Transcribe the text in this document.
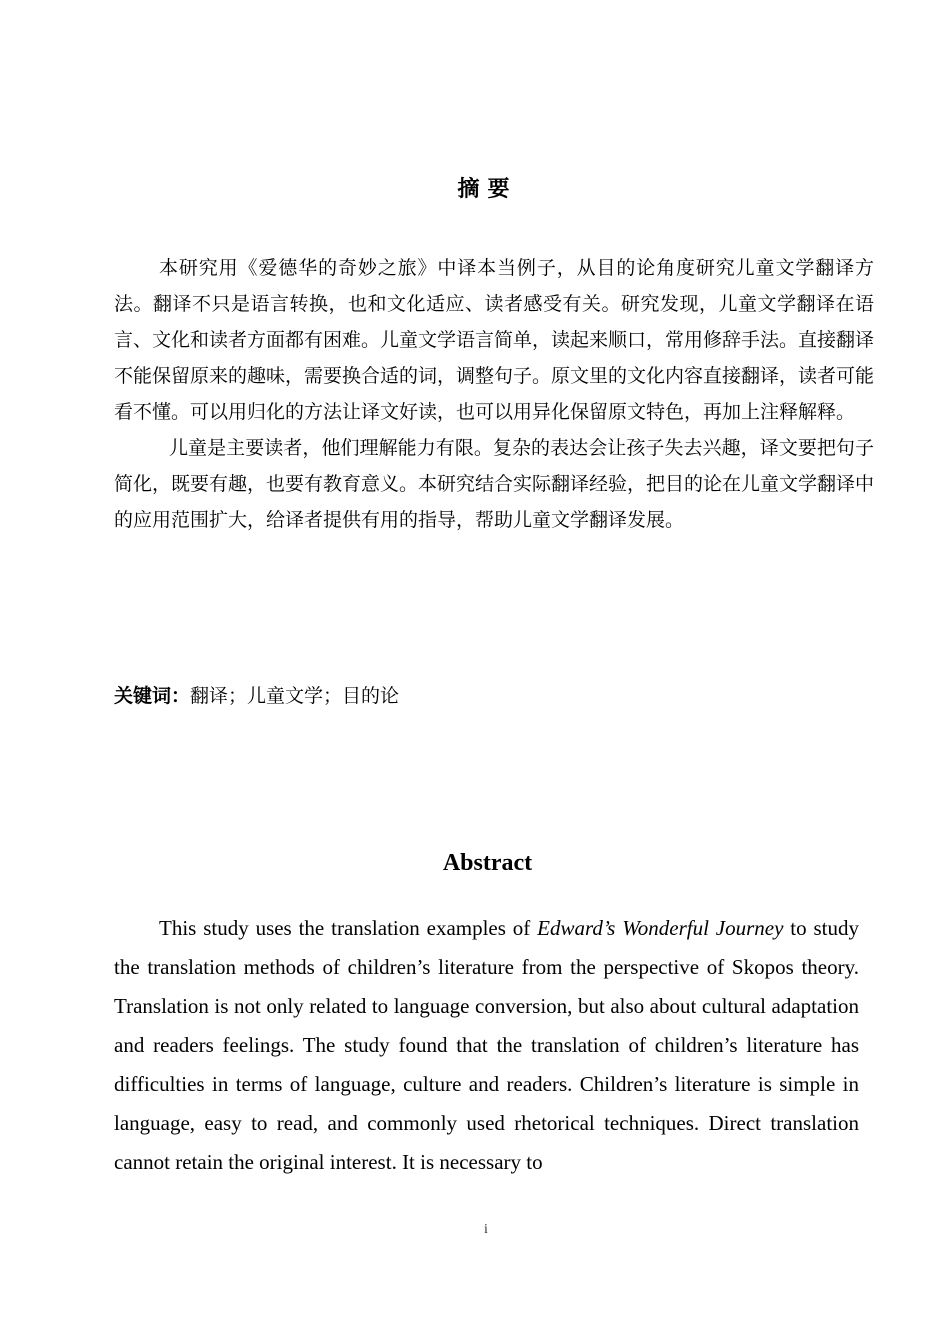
摘要

本研究用《爱德华的奇妙之旅》中译本当例子，从目的论角度研究儿童文学翻译方法。翻译不只是语言转换，也和文化适应、读者感受有关。研究发现，儿童文学翻译在语言、文化和读者方面都有困难。儿童文学语言简单，读起来顺口，常用修辞手法。直接翻译不能保留原来的趣味，需要换合适的词，调整句子。原文里的文化内容直接翻译，读者可能看不懂。可以用归化的方法让译文好读，也可以用异化保留原文特色，再加上注释解释。

儿童是主要读者，他们理解能力有限。复杂的表达会让孩子失去兴趣，译文要把句子简化，既要有趣，也要有教育意义。本研究结合实际翻译经验，把目的论在儿童文学翻译中的应用范围扩大，给译者提供有用的指导，帮助儿童文学翻译发展。

关键词：翻译；儿童文学；目的论
Abstract

This study uses the translation examples of Edward’s Wonderful Journey to study the translation methods of children’s literature from the perspective of Skopos theory. Translation is not only related to language conversion, but also about cultural adaptation and readers feelings. The study found that the translation of children’s literature has difficulties in terms of language, culture and readers. Children’s literature is simple in language, easy to read, and commonly used rhetorical techniques. Direct translation cannot retain the original interest. It is necessary to

i
